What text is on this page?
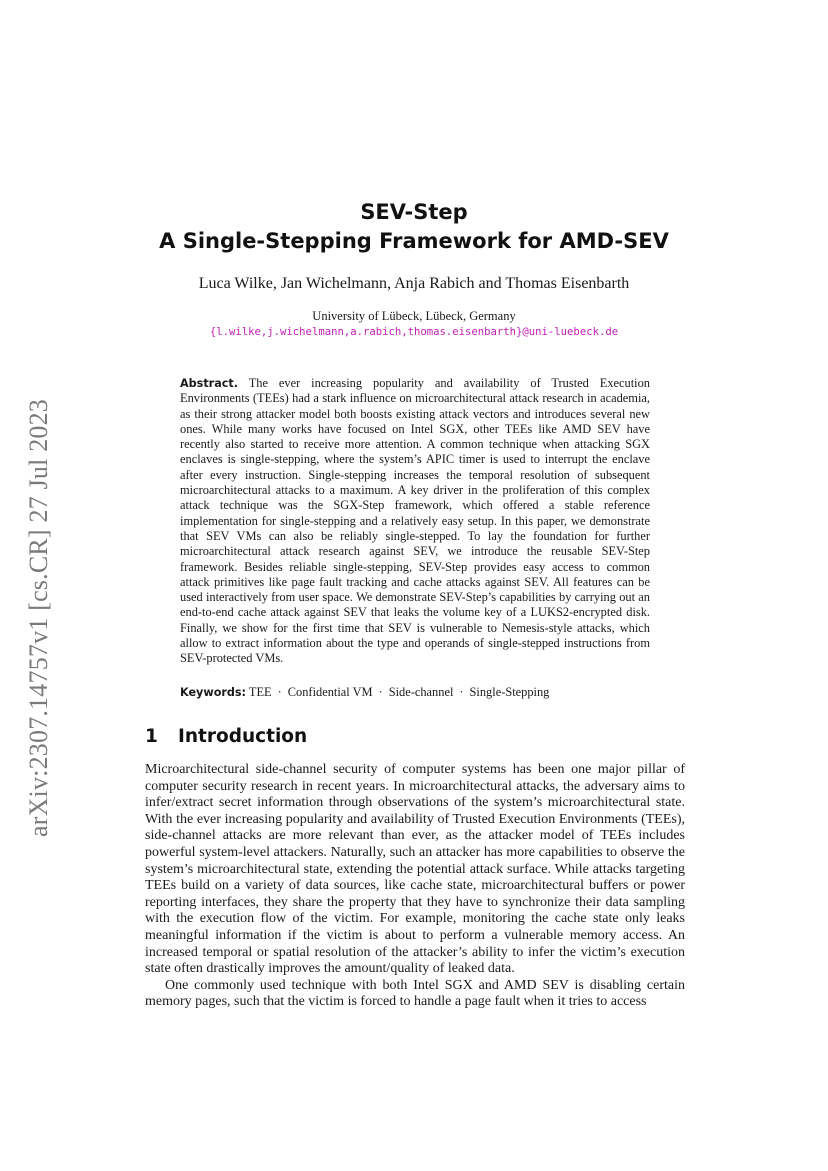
arXiv:2307.14757v1 [cs.CR] 27 Jul 2023
SEV-Step
A Single-Stepping Framework for AMD-SEV
Luca Wilke, Jan Wichelmann, Anja Rabich and Thomas Eisenbarth
University of Lübeck, Lübeck, Germany
{l.wilke,j.wichelmann,a.rabich,thomas.eisenbarth}@uni-luebeck.de
Abstract. The ever increasing popularity and availability of Trusted Execution Environments (TEEs) had a stark influence on microarchitectural attack research in academia, as their strong attacker model both boosts existing attack vectors and introduces several new ones. While many works have focused on Intel SGX, other TEEs like AMD SEV have recently also started to receive more attention. A common technique when attacking SGX enclaves is single-stepping, where the system’s APIC timer is used to interrupt the enclave after every instruction. Single-stepping increases the temporal resolution of subsequent microarchitectural attacks to a maximum. A key driver in the proliferation of this complex attack technique was the SGX-Step framework, which offered a stable reference implementation for single-stepping and a relatively easy setup. In this paper, we demonstrate that SEV VMs can also be reliably single-stepped. To lay the foundation for further microarchitectural attack research against SEV, we introduce the reusable SEV-Step framework. Besides reliable single-stepping, SEV-Step provides easy access to common attack primitives like page fault tracking and cache attacks against SEV. All features can be used interactively from user space. We demonstrate SEV-Step’s capabilities by carrying out an end-to-end cache attack against SEV that leaks the volume key of a LUKS2-encrypted disk. Finally, we show for the first time that SEV is vulnerable to Nemesis-style attacks, which allow to extract information about the type and operands of single-stepped instructions from SEV-protected VMs.
Keywords: TEE · Confidential VM · Side-channel · Single-Stepping
1 Introduction

Microarchitectural side-channel security of computer systems has been one major pillar of computer security research in recent years. In microarchitectural attacks, the adversary aims to infer/extract secret information through observations of the system’s microarchitectural state. With the ever increasing popularity and availability of Trusted Execution Environments (TEEs), side-channel attacks are more relevant than ever, as the attacker model of TEEs includes powerful system-level attackers. Naturally, such an attacker has more capabilities to observe the system’s microarchitectural state, extending the potential attack surface. While attacks targeting TEEs build on a variety of data sources, like cache state, microarchitectural buffers or power reporting interfaces, they share the property that they have to synchronize their data sampling with the execution flow of the victim. For example, monitoring the cache state only leaks meaningful information if the victim is about to perform a vulnerable memory access. An increased temporal or spatial resolution of the attacker’s ability to infer the victim’s execution state often drastically improves the amount/quality of leaked data.

One commonly used technique with both Intel SGX and AMD SEV is disabling certain memory pages, such that the victim is forced to handle a page fault when it tries to access
